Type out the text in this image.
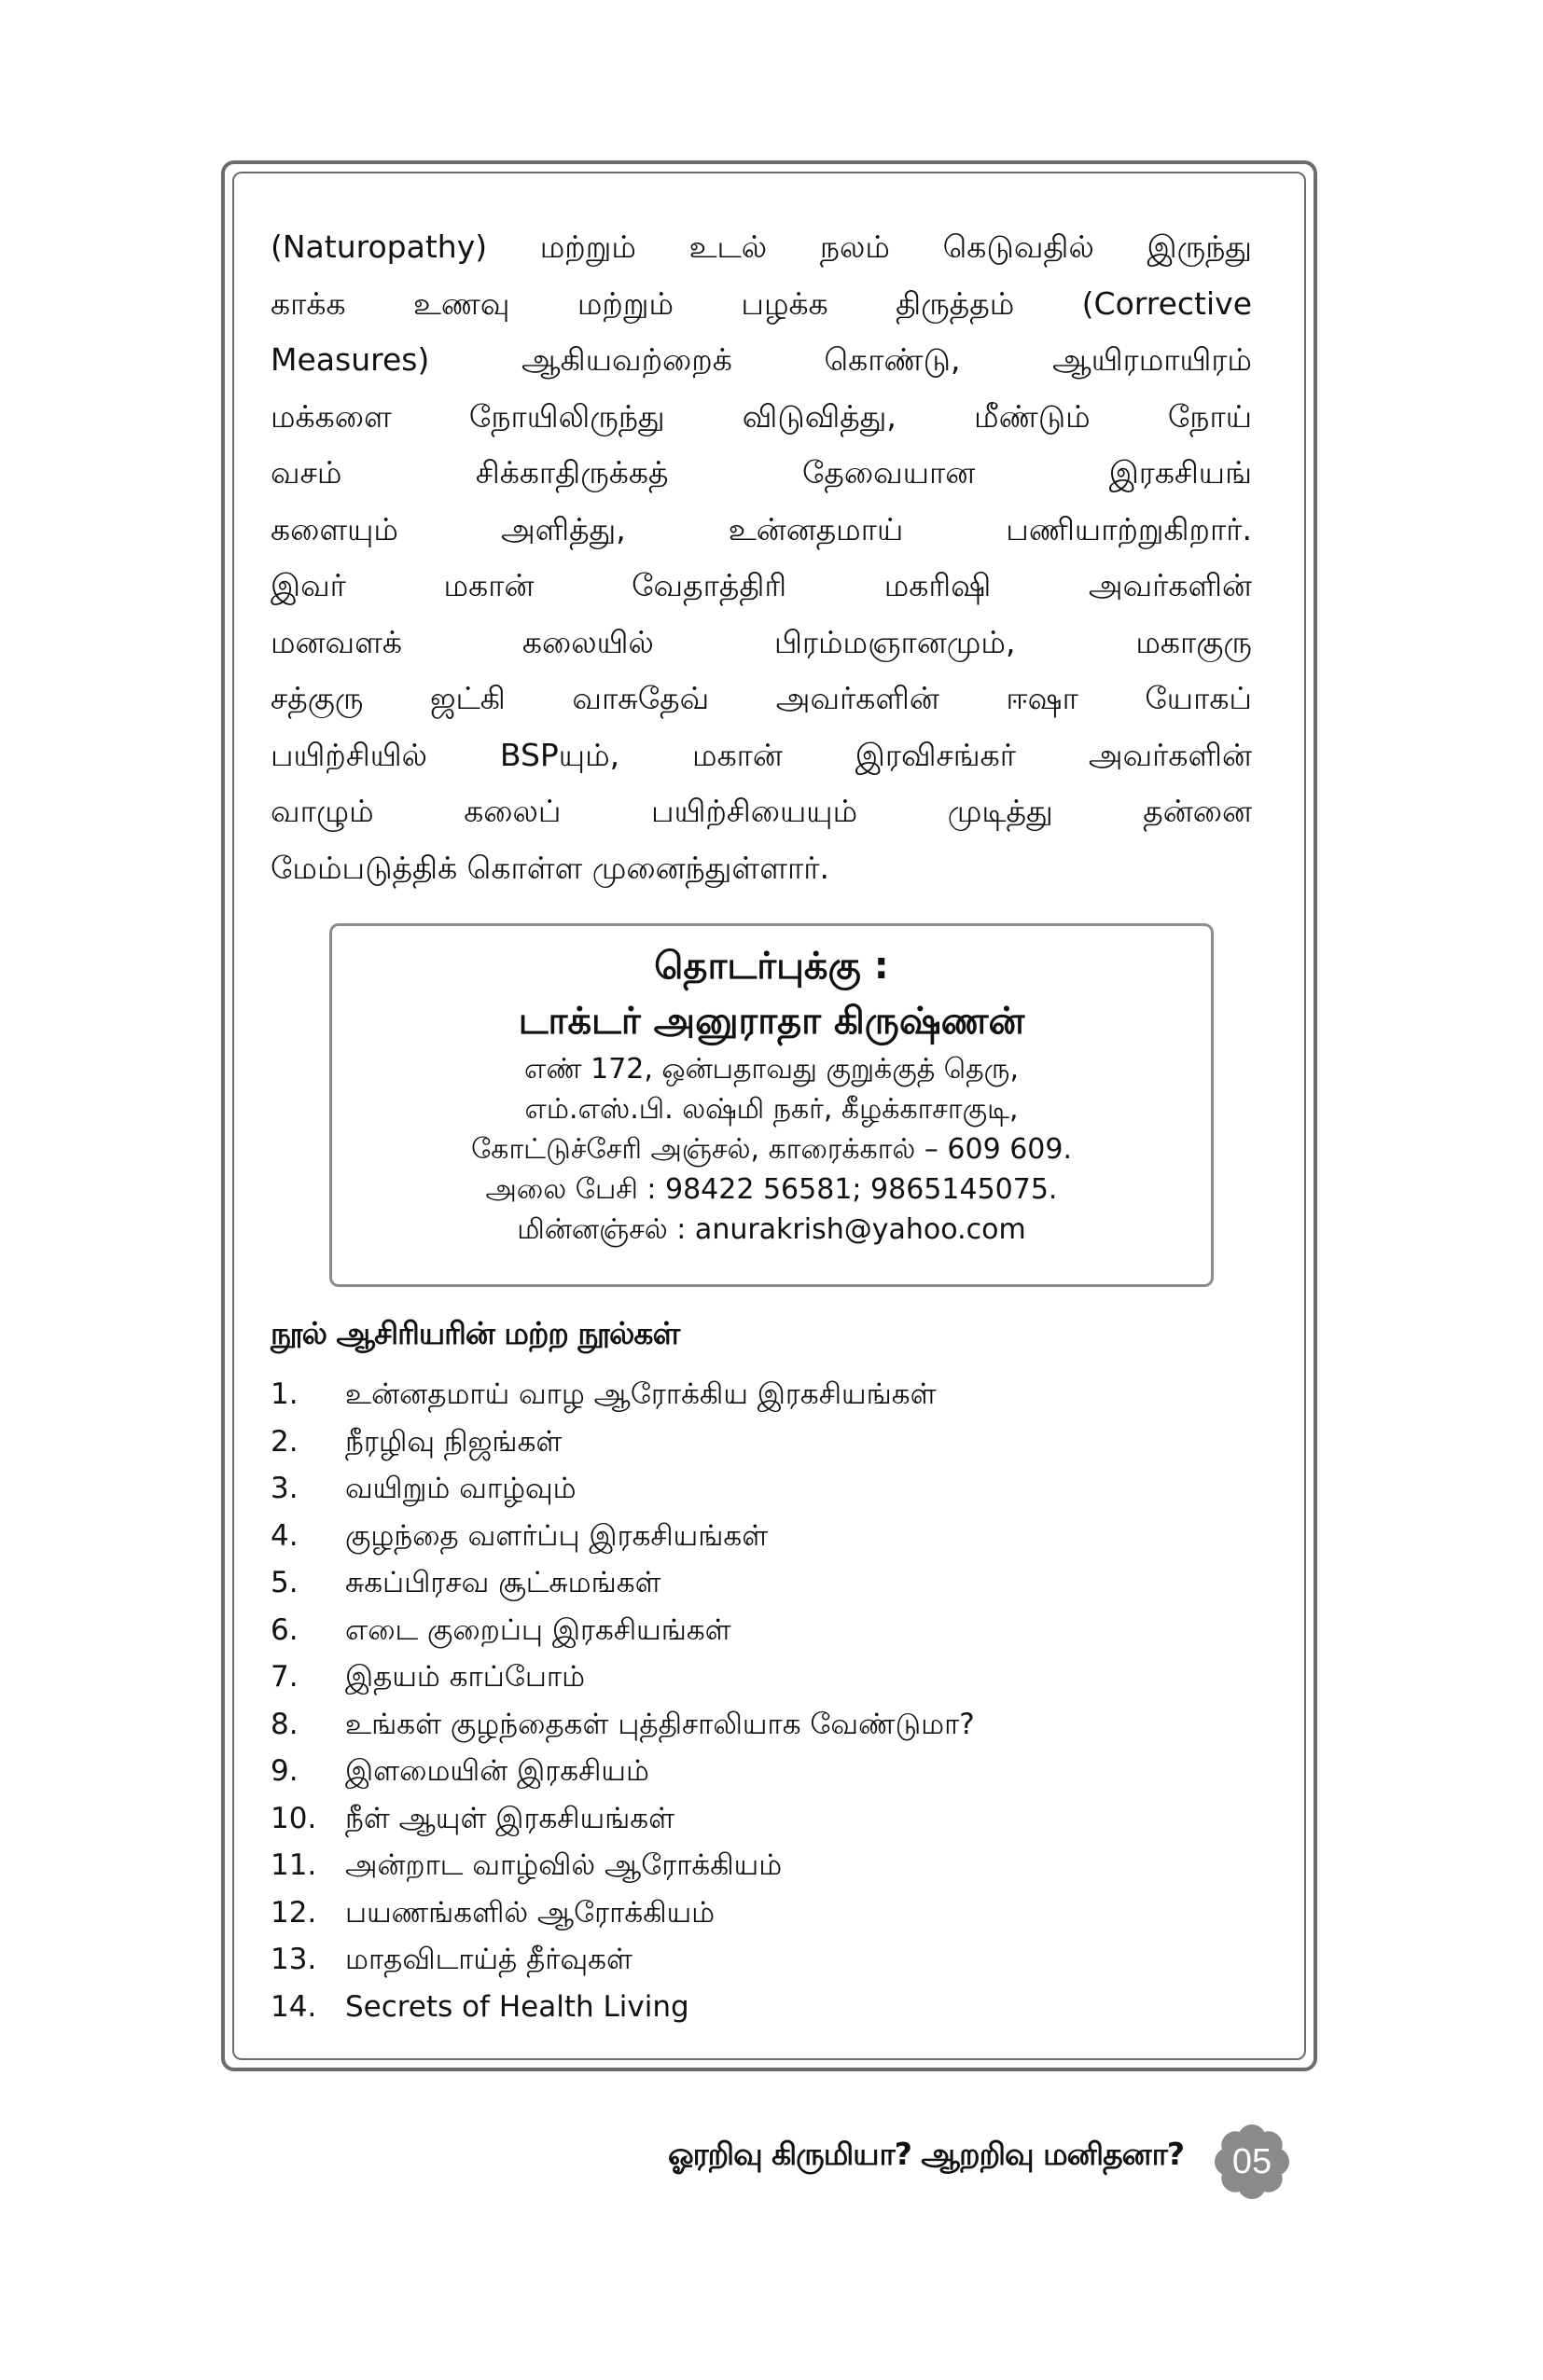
(Naturopathy) மற்றும் உடல் நலம் கெடுவதில் இருந்து
காக்க உணவு மற்றும் பழக்க திருத்தம் (Corrective
Measures) ஆகியவற்றைக் கொண்டு, ஆயிரமாயிரம்
மக்களை நோயிலிருந்து விடுவித்து, மீண்டும் நோய்
வசம் சிக்காதிருக்கத் தேவையான இரகசியங்
களையும் அளித்து, உன்னதமாய் பணியாற்றுகிறார்.
இவர் மகான் வேதாத்திரி மகரிஷி அவர்களின்
மனவளக் கலையில் பிரம்மஞானமும், மகாகுரு
சத்குரு ஜட்கி வாசுதேவ் அவர்களின் ஈஷா யோகப்
பயிற்சியில் BSPயும், மகான் இரவிசங்கர் அவர்களின்
வாழும் கலைப் பயிற்சியையும் முடித்து தன்னை
மேம்படுத்திக் கொள்ள முனைந்துள்ளார்.
தொடர்புக்கு :
டாக்டர் அனுராதா கிருஷ்ணன்
எண் 172, ஒன்பதாவது குறுக்குத் தெரு,
எம்.எஸ்.பி. லஷ்மி நகர், கீழக்காசாகுடி,
கோட்டுச்சேரி அஞ்சல், காரைக்கால் – 609 609.
அலை பேசி : 98422 56581; 9865145075.
மின்னஞ்சல் : anurakrish@yahoo.com
நூல் ஆசிரியரின் மற்ற நூல்கள்
1.	உன்னதமாய் வாழ ஆரோக்கிய இரகசியங்கள்
2.	நீரழிவு நிஜங்கள்
3.	வயிறும் வாழ்வும்
4.	குழந்தை வளர்ப்பு இரகசியங்கள்
5.	சுகப்பிரசவ சூட்சுமங்கள்
6.	எடை குறைப்பு இரகசியங்கள்
7.	இதயம் காப்போம்
8.	உங்கள் குழந்தைகள் புத்திசாலியாக வேண்டுமா?
9.	இளமையின் இரகசியம்
10. நீள் ஆயுள் இரகசியங்கள்
11. அன்றாட வாழ்வில் ஆரோக்கியம்
12. பயணங்களில் ஆரோக்கியம்
13. மாதவிடாய்த் தீர்வுகள்
14. Secrets of Health Living
ஓரறிவு கிருமியா? ஆறறிவு மனிதனா?	05
